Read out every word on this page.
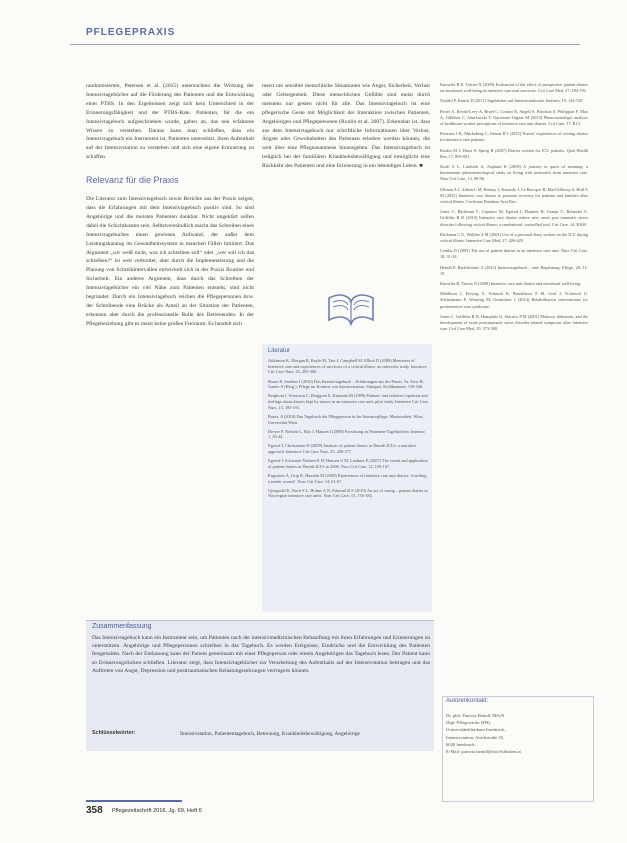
PFLEGEPRAXIS

randomisierten, Petersen et al. (2015) untersuchten die Wirkung der Intensivtagebücher auf die Förderung des Patienten und die Entwicklung einer PTBS. In den Ergebnissen zeigt sich kein Unterschied in der Erinnerungsfähigkeit und der PTBS-Rate. Patienten, für die ein Intensivtagebuch aufgeschrieben wurde, gaben an, das neu erfahrene Wissen zu verstehen. Daraus kann man schließen, dass ein Intensivtagebuch ein Instrument ist, Patienten unterstützt, ihren Aufenthalt auf der Intensivstation zu verstehen und sich eine eigene Erinnerung zu schaffen.

Relevanz für die Praxis

Die Literatur zum Intensivtagebuch sowie Berichte aus der Praxis zeigen, dass die Erfahrungen mit dem Intensivtagebuch positiv sind. So sind Angehörige und die meisten Patienten dankbar. Nicht ungeklärt sollen dabei die Schichtkosten sein. Selbstverständlich macht das Schreiben eines Intensivtagebuches einen gewissen Aufwand, der außer dem Leistungskatalog im Gesundheitssystem in manchen Fällen limitiert. Das Argument „wir weiß nicht, was ich schreiben soll“ oder „wer soll ich das schreiben?“ ist weit verbreitet, aber durch die Implementierung und die Planung von Schreibintervallen entwickelt sich in der Praxis Routine und Sicherheit. Ein anderes Argument, dass durch das Schreiben der Intensivtagebücher ein viel Nähe zum Patienten entsteht, sind nicht begründet. Durch ein Intensivtagebuch reichen die Pflegepersonen bzw. der Schreibende eine Brücke als Anteil an der Situation der Patienten, erkennen aber durch die professionelle Rolle des Betreuenden. In der Pflegebeziehung gibt es meist keine großen Freiraum. Es handelt sich

meist um sensible menschliche Situationen wie Angst, Sicherheit, Verlust oder Geborgenheit. Diese menschlichen Gefühle sind meist durch meistens nur gesten nicht für alle. Das Intensivtagebuch ist eine pflegerische Geste mit Möglichkeit der Interaktion zwischen Patienten, Angehörigen und Pflegepersonen (Roulin et al. 2007). Erkennbar ist, dass aus dem Intensivtagebuch nur schriftliche Informationen über Verlust, Ängste oder Gewohnheiten des Patienten erhoben werden können, die weit über eine Pflegeanamnese hinausgehen. Das Intensivtagebuch ist lediglich bei der familiären Krankheitsbewältigung und ermöglicht eine Rückkehr des Patienten und eine Erinnerung in ein lebendiges Leben. ■

Literatur
Aitkinson K, Morgan B, Boyle M, Tate J, Campbell M, Elliott D (2009) Memories of Intensive care and experiences of survivors of a critical illness: an interview study. Intensive Crit Care Nurs, 25, 293-300.
Bauer B, Sanders I (2010) Das Intensivtagebuch – Erfahrungen aus der Praxis. In: Sterr H, Ganter S (Hrsg.): Pflege im Kontext von Intensivstation. Stuttgart, Kohlhammer, 158-166.
Bergbom I, Svensson C, Berggren E, Kamsula M (1999) Patients' and relatives' opinions and feelings about diaries kept by nurses in an intensive care unit: pilot study. Intensive Crit Care Nurs, 15, 185-191.
Bauer, A (2010) Das Tagebuch der Pflegeperson in der Intensivpflege. Masterarbeit. Wien, Universität Wien.
Dreyer P, Nielsen L, Riis J, Hansen I (2008) Forschung zu Patienten-Tagebüchern. Intensiv, 1, 36-42.
Egerod I, Christensen D (2009) Analysis of patient diaries in Danish ICUs: a narrative approach. Intensive Crit Care Nurs, 25, 268-277.
Egerod I, Schwartz-Nielsen K H, Hansen G M, Lærkner E (2007) The extent and application of patient diaries in Danish ICUs in 2006. Nurs Crit Care, 12, 159-167.
Engström Å, Grip K, Hamrén M (2009) Experiences of intensive care unit diaries: 'touching a tender wound'. Nurs Crit Care, 14, 61-67.
Gjengedal E, Storli S L, Holme A N, Eskerud R S (2010) An act of caring – patient diaries in Norwegian intensive care units. Nurs Crit Care, 15, 176-184.
Knowles R E, Tarrier N (2009) Evaluation of the effect of prospective patient diaries on emotional well-being in intensive care unit survivors. Crit Care Med, 37, 184-191.
Nydahl P, Knück D (2011) Tagebücher auf Intensivstationen. Intensiv, 19, 144-150.
Perier A, Revah-Levy A, Bruel C, Cousin N, Angeli S, Brochon S, Philippart F, Max A, Gillibert C, Similowski T, Garrouste-Orgeas M (2013) Phenomenologic analysis of healthcare worker perceptions of intensive care unit diaries. Crit Care, 17, R13.
Petersen J K, Mørkeberg C, Jensen H I (2015) Nurses' experiences of writing diaries for intensive care patients.
Roulin M J, Hurst S, Spirig R (2007) Diaries written for ICU patients. Qual Health Res, 17, 893-901.
Storli S L, Lindseth A, Asplund K (2008) A journey in quest of meaning: a hermeneutic-phenomenological study on living with memories from intensive care. Nurs Crit Care, 13, 86-96.
Ullman A J, Aitken L M, Rattray J, Kenardy J, Le Brocque R, MacGillivray S, Hull A M (2015) Intensive care diaries to promote recovery for patients and families after critical illness. Cochrane Database Syst Rev.
Jones C, Bäckman C, Capuzzo M, Egerod I, Flaatten H, Granja C, Rylander C, Griffiths R D (2010) Intensive care diaries reduce new onset post traumatic stress disorder following critical illness: a randomised, controlled trial. Crit Care, 14, R168.
Bäckman C G, Walther S M (2001) Use of a personal diary written on the ICU during critical illness. Intensive Care Med, 27, 426-429.
Combe D (2005) The use of patient diaries in an intensive care unit. Nurs Crit Care, 10, 31-34.
Heindl P, Bachlechner A (2015) Intensivtagebuch – eine Begleitung. Pflege, 28, 11-19.
Knowles R, Tarrier N (2009) Intensive care unit diaries and emotional well-being.
Mehlhorn J, Freytag A, Schmidt K, Brunkhorst F M, Graf J, Troitzsch U, Schlattmann P, Wensing M, Gensichen J (2014) Rehabilitation interventions for postintensive care syndrome.
Jones C, Griffiths R D, Humphris G, Skirrow P M (2001) Memory, delusions, and the development of acute posttraumatic stress disorder-related symptoms after intensive care. Crit Care Med, 29, 573-580.
Zusammenfassung
Das Intensivtagebuch kann ein Instrument sein, um Patienten nach der intensivmedizinischen Behandlung mit ihren Erfahrungen und Erinnerungen zu unterstützen. Angehörige und Pflegepersonen schreiben in das Tagebuch. Es werden Ereignisse, Eindrücke und die Entwicklung des Patienten festgehalten. Nach der Entlassung kann der Patient gemeinsam mit einer Pflegeperson oder einem Angehörigen das Tagebuch lesen. Der Patient kann so Erinnerungslücken schließen. Literatur zeigt, dass Intensivtagebücher zur Verarbeitung des Aufenthalts auf der Intensivstation beitragen und das Auftreten von Angst, Depression und posttraumatischen Belastungsstörungen verringern können.
Schlüsselwörter:	Intensivstation, Patiententagebuch, Betreuung, Krankheitsbewältigung, Angehörige
Autorenkontakt:
Dr. phil. Patricia Heindl, MScN
Dipl.-Pflegewirtin (FH),
Universitätsklinikum Innsbruck,
Intensivstation, Anichstraße 35,
6020 Innsbruck
E-Mail: patricia.heindl@tirol-kliniken.at
358 Pflegezeitschrift 2016, Jg. 69, Heft 6
